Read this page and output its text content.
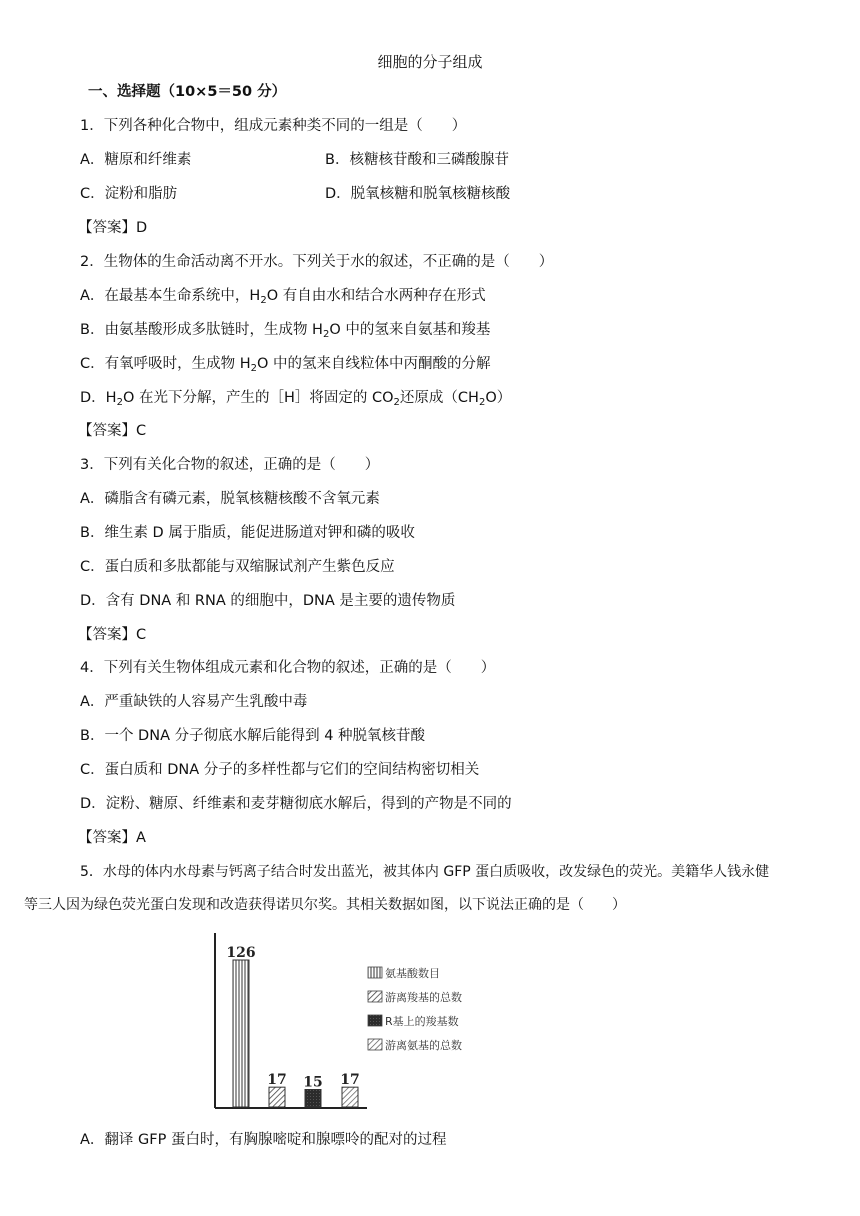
细胞的分子组成
一、选择题（10×5＝50 分）
1．下列各种化合物中，组成元素种类不同的一组是（　　）
A．糖原和纤维素	B．核糖核苷酸和三磷酸腺苷
C．淀粉和脂肪	D．脱氧核糖和脱氧核糖核酸
【答案】D
2．生物体的生命活动离不开水。下列关于水的叙述，不正确的是（　　）
A．在最基本生命系统中，$H_2O$ 有自由水和结合水两种存在形式
B．由氨基酸形成多肽链时，生成物 $H_2O$ 中的氢来自氨基和羧基
C．有氧呼吸时，生成物 $H_2O$ 中的氢来自线粒体中丙酮酸的分解
D．$H_2O$ 在光下分解，产生的［H］将固定的 $CO_2$还原成$(CH_2O)$
【答案】C
3．下列有关化合物的叙述，正确的是（　　）
A．磷脂含有磷元素，脱氧核糖核酸不含氧元素
B．维生素 D 属于脂质，能促进肠道对钾和磷的吸收
C．蛋白质和多肽都能与双缩脲试剂产生紫色反应
D．含有 DNA 和 RNA 的细胞中，DNA 是主要的遗传物质
【答案】C
4．下列有关生物体组成元素和化合物的叙述，正确的是（　　）
A．严重缺铁的人容易产生乳酸中毒
B．一个 DNA 分子彻底水解后能得到 4 种脱氧核苷酸
C．蛋白质和 DNA 分子的多样性都与它们的空间结构密切相关
D．淀粉、糖原、纤维素和麦芽糖彻底水解后，得到的产物是不同的
【答案】A
5．水母的体内水母素与钙离子结合时发出蓝光，被其体内 GFP 蛋白质吸收，改发绿色的荧光。美籍华人钱永健
等三人因为绿色荧光蛋白发现和改造获得诺贝尔奖。其相关数据如图，以下说法正确的是（　　）
126
17 15 17
氨基酸数目
游离羧基的总数
R基上的羧基数
游离氨基的总数
A．翻译 GFP 蛋白时，有胸腺嘧啶和腺嘌呤的配对的过程
